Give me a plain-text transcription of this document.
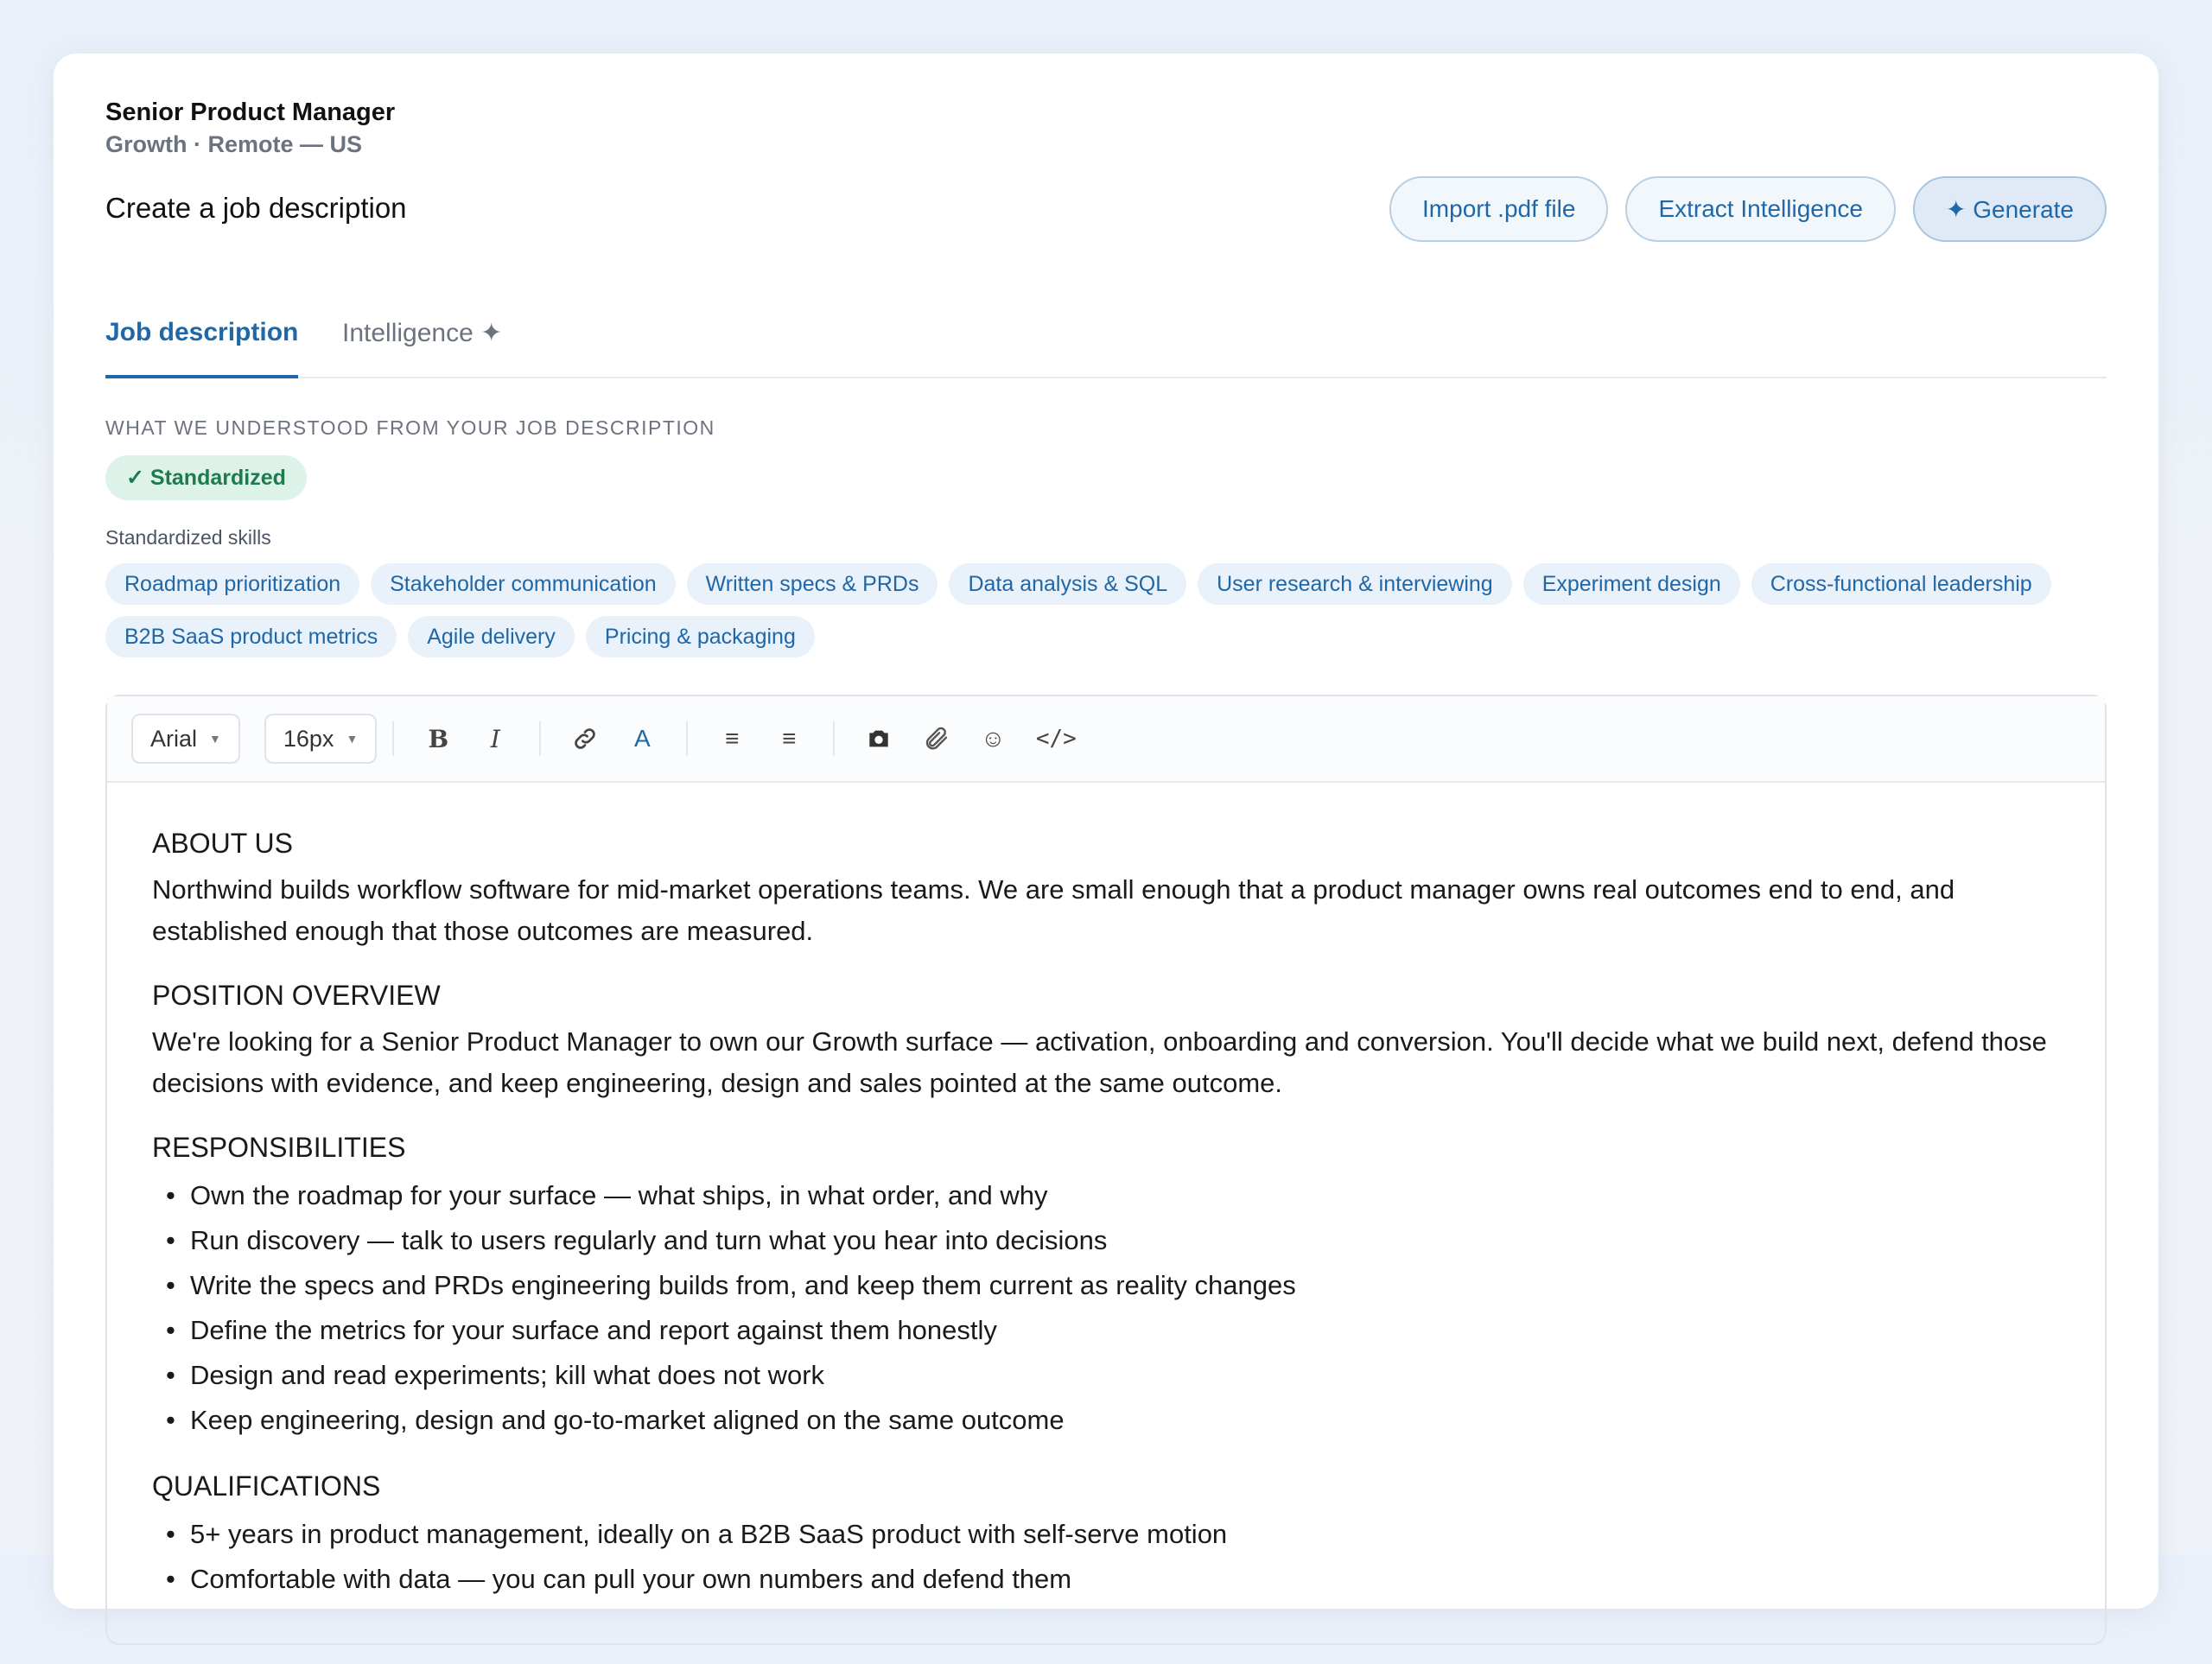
Senior Product Manager
Growth · Remote — US
Create a job description	Import .pdf file	Extract Intelligence	✦ Generate
Job description Intelligence ✦
WHAT WE UNDERSTOOD FROM YOUR JOB DESCRIPTION
✓ Standardized
Standardized skills
Roadmap prioritization	Stakeholder communication	Written specs & PRDs	Data analysis & SQL	User research & interviewing	Experiment design	Cross-functional leadership
B2B SaaS product metrics	Agile delivery	Pricing & packaging
Arial ▼	16px ▼	B	I	A	≡	≡	☺	</>
ABOUT US

Northwind builds workflow software for mid-market operations teams. We are small enough that a product manager owns real outcomes end to end, and established enough that those outcomes are measured.

POSITION OVERVIEW

We're looking for a Senior Product Manager to own our Growth surface — activation, onboarding and conversion. You'll decide what we build next, defend those decisions with evidence, and keep engineering, design and sales pointed at the same outcome.

RESPONSIBILITIES
• Own the roadmap for your surface — what ships, in what order, and why
• Run discovery — talk to users regularly and turn what you hear into decisions
• Write the specs and PRDs engineering builds from, and keep them current as reality changes
• Define the metrics for your surface and report against them honestly
• Design and read experiments; kill what does not work
• Keep engineering, design and go-to-market aligned on the same outcome
QUALIFICATIONS
• 5+ years in product management, ideally on a B2B SaaS product with self-serve motion
• Comfortable with data — you can pull your own numbers and defend them
